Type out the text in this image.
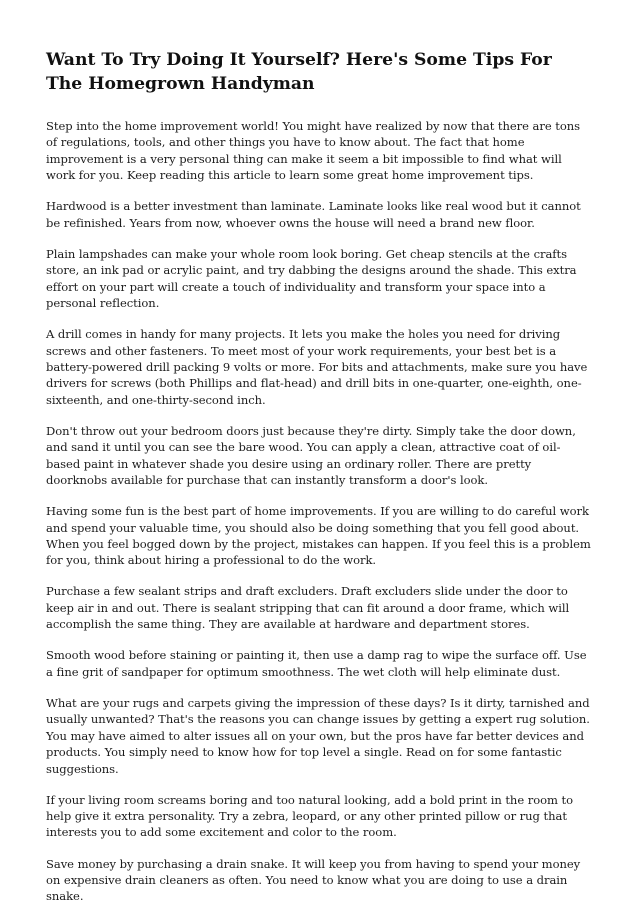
Want To Try Doing It Yourself? Here's Some Tips For The Homegrown Handyman

Step into the home improvement world! You might have realized by now that there are tons of regulations, tools, and other things you have to know about. The fact that home improvement is a very personal thing can make it seem a bit impossible to find what will work for you. Keep reading this article to learn some great home improvement tips.

Hardwood is a better investment than laminate. Laminate looks like real wood but it cannot be refinished. Years from now, whoever owns the house will need a brand new floor.

Plain lampshades can make your whole room look boring. Get cheap stencils at the crafts store, an ink pad or acrylic paint, and try dabbing the designs around the shade. This extra effort on your part will create a touch of individuality and transform your space into a personal reflection.

A drill comes in handy for many projects. It lets you make the holes you need for driving screws and other fasteners. To meet most of your work requirements, your best bet is a battery-powered drill packing 9 volts or more. For bits and attachments, make sure you have drivers for screws (both Phillips and flat-head) and drill bits in one-quarter, one-eighth, one-sixteenth, and one-thirty-second inch.

Don't throw out your bedroom doors just because they're dirty. Simply take the door down, and sand it until you can see the bare wood. You can apply a clean, attractive coat of oil-based paint in whatever shade you desire using an ordinary roller. There are pretty doorknobs available for purchase that can instantly transform a door's look.

Having some fun is the best part of home improvements. If you are willing to do careful work and spend your valuable time, you should also be doing something that you fell good about. When you feel bogged down by the project, mistakes can happen. If you feel this is a problem for you, think about hiring a professional to do the work.

Purchase a few sealant strips and draft excluders. Draft excluders slide under the door to keep air in and out. There is sealant stripping that can fit around a door frame, which will accomplish the same thing. They are available at hardware and department stores.

Smooth wood before staining or painting it, then use a damp rag to wipe the surface off. Use a fine grit of sandpaper for optimum smoothness. The wet cloth will help eliminate dust.

What are your rugs and carpets giving the impression of these days? Is it dirty, tarnished and usually unwanted? That's the reasons you can change issues by getting a expert rug solution. You may have aimed to alter issues all on your own, but the pros have far better devices and products. You simply need to know how for top level a single. Read on for some fantastic suggestions.

If your living room screams boring and too natural looking, add a bold print in the room to help give it extra personality. Try a zebra, leopard, or any other printed pillow or rug that interests you to add some excitement and color to the room.

Save money by purchasing a drain snake. It will keep you from having to spend your money on expensive drain cleaners as often. You need to know what you are doing to use a drain snake.
